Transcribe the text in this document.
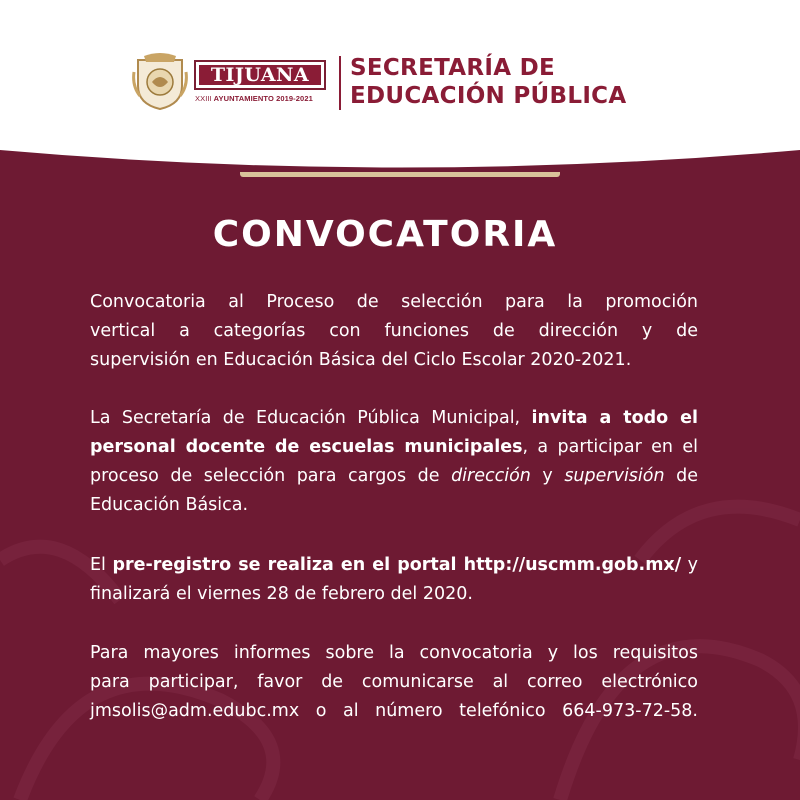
TIJUANA
XXIII AYUNTAMIENTO 2019-2021
SECRETARÍA DE
EDUCACIÓN PÚBLICA
CONVOCATORIA
Convocatoria al Proceso de selección para la promoción
vertical a categorías con funciones de dirección y de
supervisión en Educación Básica del Ciclo Escolar 2020-2021.
La Secretaría de Educación Pública Municipal, invita a todo el
personal docente de escuelas municipales, a participar en el
proceso de selección para cargos de dirección y supervisión de
Educación Básica.
El pre-registro se realiza en el portal http://uscmm.gob.mx/ y
finalizará el viernes 28 de febrero del 2020.
Para mayores informes sobre la convocatoria y los requisitos
para participar, favor de comunicarse al correo electrónico
jmsolis@adm.edubc.mx o al número telefónico 664-973-72-58.
